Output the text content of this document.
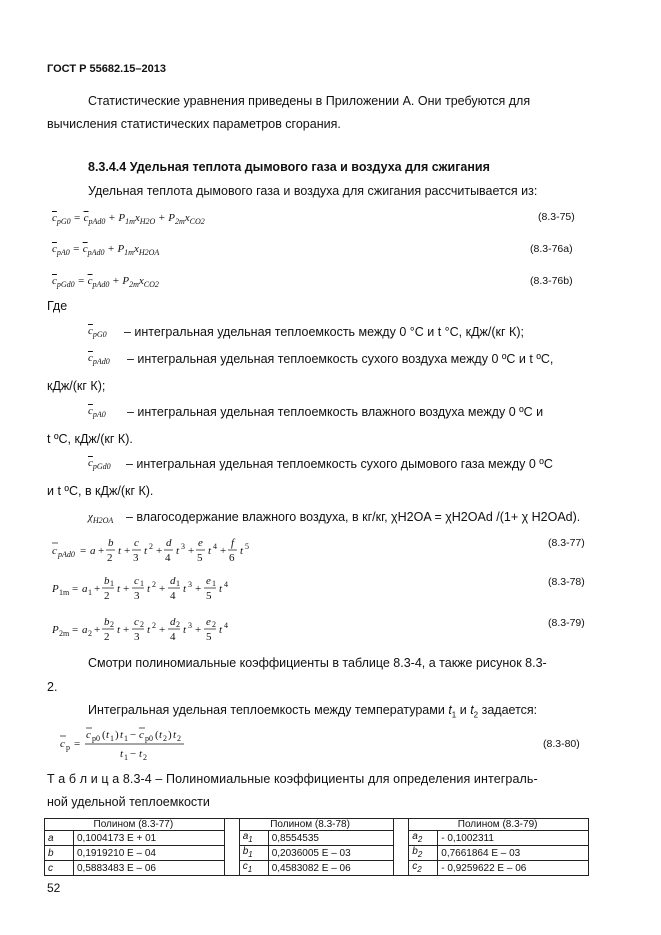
ГОСТ Р 55682.15–2013
Статистические уравнения приведены в Приложении А. Они требуются для
вычисления статистических параметров сгорания.
8.3.4.4 Удельная теплота дымового газа и воздуха для сжигания
Удельная теплота дымового газа и воздуха для сжигания рассчитывается из:
$\overline{c}_{pG0} = \overline{c}_{pAd0} + P_{1m}x_{H2O} + P_{2m}x_{CO2}$	(8.3-75)
$\overline{c}_{pA0} = \overline{c}_{pAd0} + P_{1m}x_{H2OA}$	(8.3-76a)
$\overline{c}_{pGd0} = \overline{c}_{pAd0} + P_{2m}x_{CO2}$	(8.3-76b)
Где
$\overline{c}_{pG0}$ – интегральная удельная теплоемкость между 0 °С и t °С, кДж/(кг К);
$\overline{c}_{pAd0}$ – интегральная удельная теплоемкость сухого воздуха между 0 ºС и t ºС,
кДж/(кг К);
$\overline{c}_{pA0}$ – интегральная удельная теплоемкость влажного воздуха между 0 ºС и
t ºС, кДж/(кг К).
$\overline{c}_{pGd0}$ – интегральная удельная теплоемкость сухого дымового газа между 0 ºС
и t ºС, в кДж/(кг К).
$\chi_{H2OA}$ – влагосодержание влажного воздуха, в кг/кг, χH2OA = χH2OAd /(1+ χ H2OAd).
c pAd0 = a +
b
2
t +
c
3
t 2 +
d
4
t 3 +
e
5
t 4 +
f
6
t 5	(8.3-77)
P 1m = a 1 +
b 1
2
t +
c 1
3
t 2 +
d 1
4
t 3 +
e 1
5
t 4	(8.3-78)
P 2m = a 2 +
b 2
2
t +
c 2
3
t 2 +
d 2
4
t 3 +
e 2
5
t 4	(8.3-79)
Смотри полиномиальные коэффициенты в таблице 8.3-4, а также рисунок 8.3-
2.
Интегральная удельная теплоемкость между температурами $t_1$ и $t_2$ задается:
c p =
c p0 ( t 1 ) t 1 − c p0 ( t 2 ) t 2
t 1 − t 2
(8.3-80)
Т а б л и ц а 8.3-4 – Полиномиальные коэффициенты для определения интеграль-
ной удельной теплоемкости
	Полином (8.3-77)			Полином (8.3-78)			Полином (8.3-79)
a	0,1004173 E + 01		$a_1$	0,8554535		$a_2$	- 0,1002311
b	0,1919210 E – 04		$b_1$	0,2036005 E – 03		$b_2$	0,7661864 E – 03
c	0,5883483 E – 06		$c_1$	0,4583082 E – 06		$c_2$	- 0,9259622 E – 06
52
